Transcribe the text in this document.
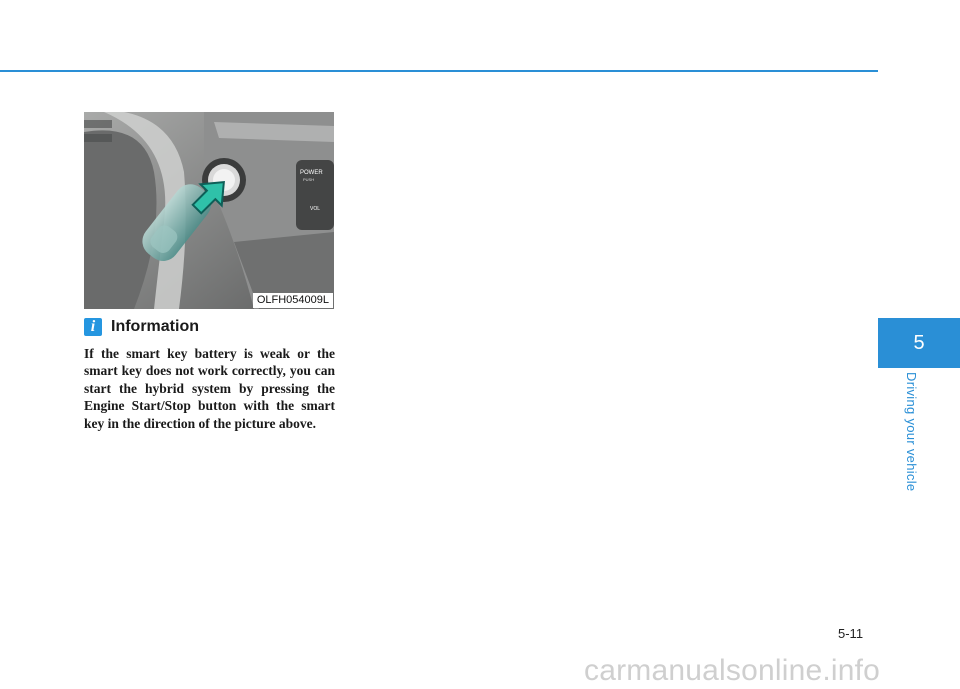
POWER
PUSH
VOL
OLFH054009L
i Information

If the smart key battery is weak or the smart key does not work correctly, you can start the hybrid system by pressing the Engine Start/Stop button with the smart key in the direction of the picture above.

5
Driving your vehicle
5-11
carmanualsonline.info
